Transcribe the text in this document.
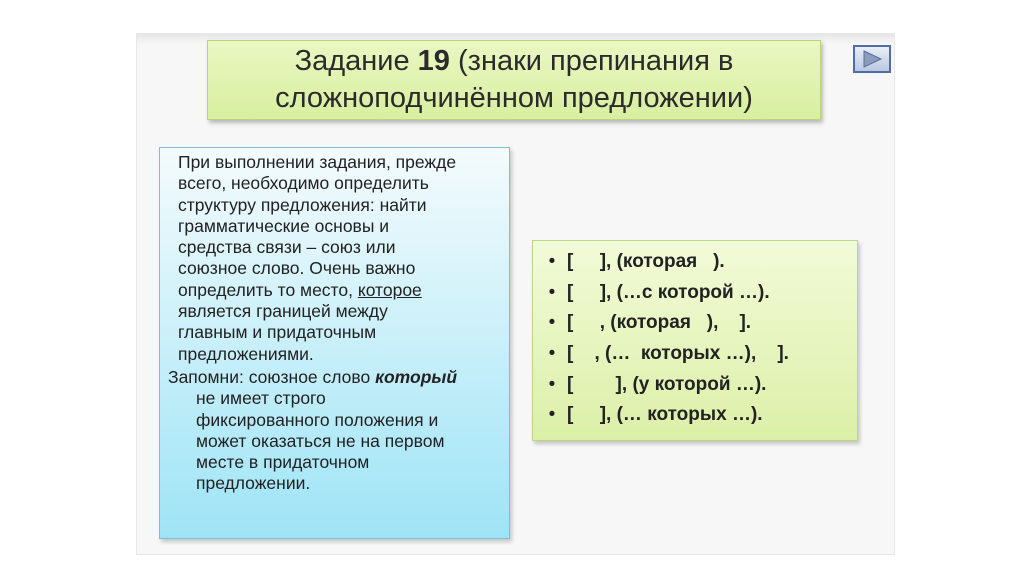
Задание 19 (знаки препинания в
сложноподчинённом предложении)

При выполнении задания, прежде
всего, необходимо определить
структуру предложения: найти
грамматические основы и
средства связи – союз или
союзное слово. Очень важно
определить то место, которое
является границей между
главным и придаточным
предложениями.

Запомни: союзное слово который
не имеет строго
фиксированного положения и
может оказаться не на первом
месте в придаточном
предложении.

• [     ], (которая   ).
• [     ], (…с которой …).
• [     , (которая   ),    ].
• [    , (…  которых …),    ].
• [        ], (у которой …).
• [     ], (… которых …).
